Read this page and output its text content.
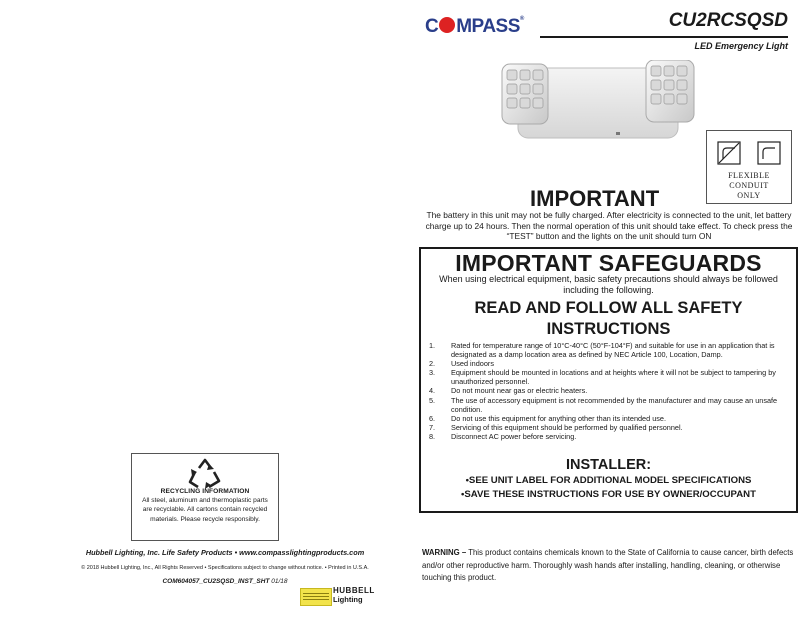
RECYCLING INFORMATION
All steel, aluminum and thermoplastic parts are recyclable. All cartons contain recycled materials. Please recycle responsibly.
Hubbell Lighting, Inc. Life Safety Products • www.compasslightingproducts.com
© 2018 Hubbell Lighting, Inc., All Rights Reserved • Specifications subject to change without notice. • Printed in U.S.A.
COM604057_CU2SQSD_INST_SHT 01/18
HUBBELL
Lighting
C MPASS®	CU2RCSQSD
LED Emergency Light
FLEXIBLE
CONDUIT
ONLY
IMPORTANT
The battery in this unit may not be fully charged. After electricity is connected to the unit, let battery charge up to 24 hours. Then the normal operation of this unit should take effect. To check press the “TEST” button and the lights on the unit should turn ON
IMPORTANT SAFEGUARDS
When using electrical equipment, basic safety precautions should always be followed including the following.
READ AND FOLLOW ALL SAFETY INSTRUCTIONS
1. Rated for temperature range of 10°C-40°C (50°F-104°F) and suitable for use in an application that is designated as a damp location area as defined by NEC Article 100, Location, Damp.
2. Used indoors
3. Equipment should be mounted in locations and at heights where it will not be subject to tampering by unauthorized personnel.
4. Do not mount near gas or electric heaters.
5. The use of accessory equipment is not recommended by the manufacturer and may cause an unsafe condition.
6. Do not use this equipment for anything other than its intended use.
7. Servicing of this equipment should be performed by qualified personnel.
8. Disconnect AC power before servicing.
INSTALLER:
•SEE UNIT LABEL FOR ADDITIONAL MODEL SPECIFICATIONS
•SAVE THESE INSTRUCTIONS FOR USE BY OWNER/OCCUPANT
WARNING – This product contains chemicals known to the State of California to cause cancer, birth defects and/or other reproductive harm. Thoroughly wash hands after installing, handling, cleaning, or otherwise touching this product.
